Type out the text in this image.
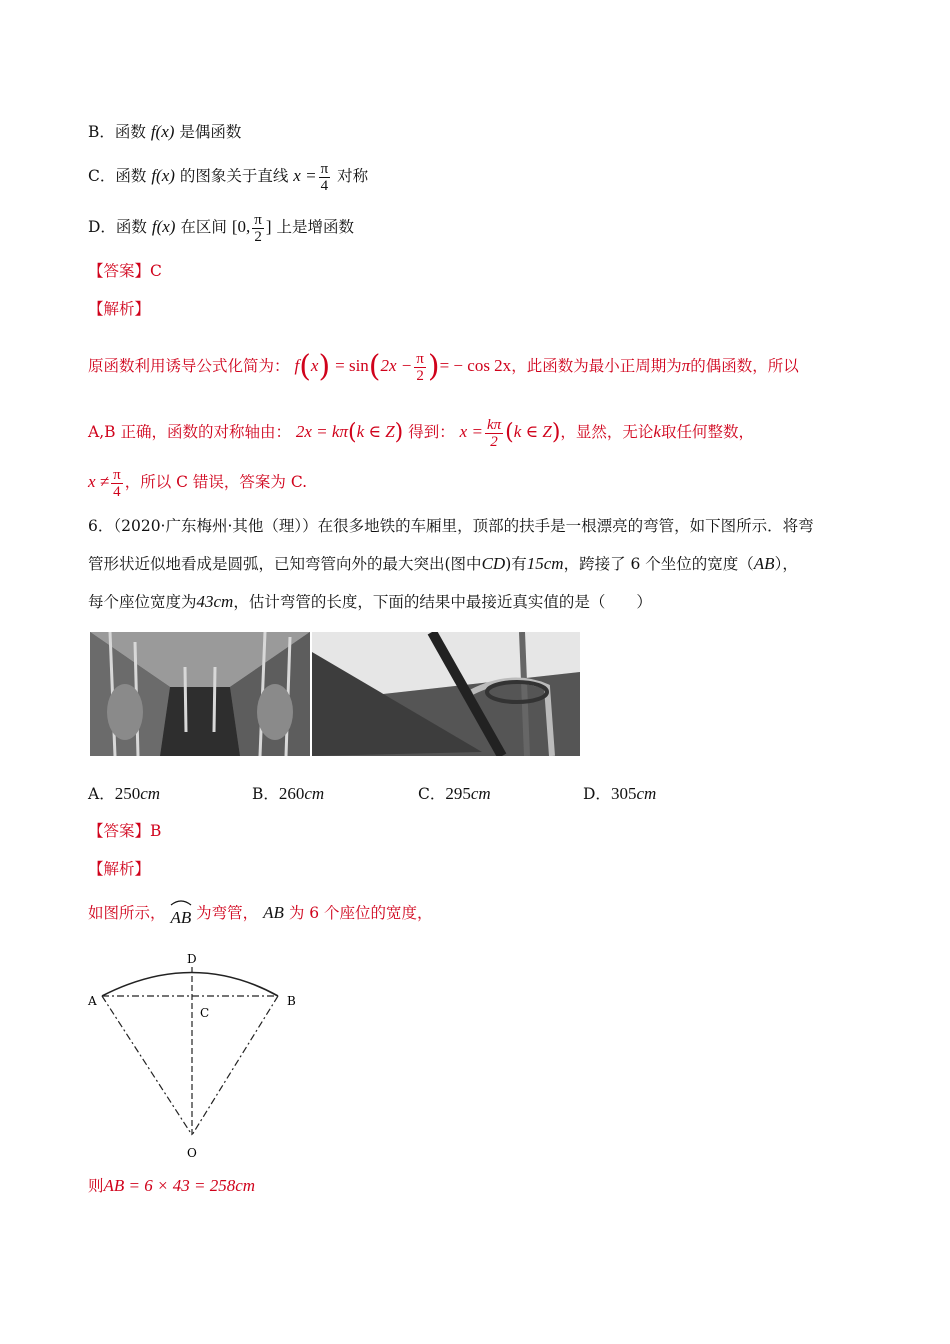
B．函数 f(x) 是偶函数
C．函数 f(x) 的图象关于直线 $x = \frac{\pi}{4}$ 对称
D．函数 f(x) 在区间 [0, $\frac{\pi}{2}$ ] 上是增函数
【答案】C
【解析】
原函数利用诱导公式化简为： $f(x) = \sin(2x - \frac{\pi}{2}$ )= − cos 2x，此函数为最小正周期为π的偶函数，所以
A,B 正确，函数的对称轴由： 2x = kπ(k ∈ Z) 得到： $x = \frac{k\pi}{2} (k$ ∈ Z)，显然，无论k取任何整数，
$x \ne \frac{\pi}{4}$ ，所以 C 错误，答案为 C.
6．（2020·广东梅州·其他（理））在很多地铁的车厢里，顶部的扶手是一根漂亮的弯管，如下图所示．将弯
管形状近似地看成是圆弧，已知弯管向外的最大突出(图中CD)有15cm，跨接了 6 个坐位的宽度（AB），
每个座位宽度为43cm，估计弯管的长度，下面的结果中最接近真实值的是（　　）
A．250cm	B．260cm	C．295cm	D．305cm
【答案】B
【解析】
如图所示， AB 为弯管， AB 为 6 个座位的宽度，
A	B
C
D
O
则AB = 6 × 43 = 258cm
